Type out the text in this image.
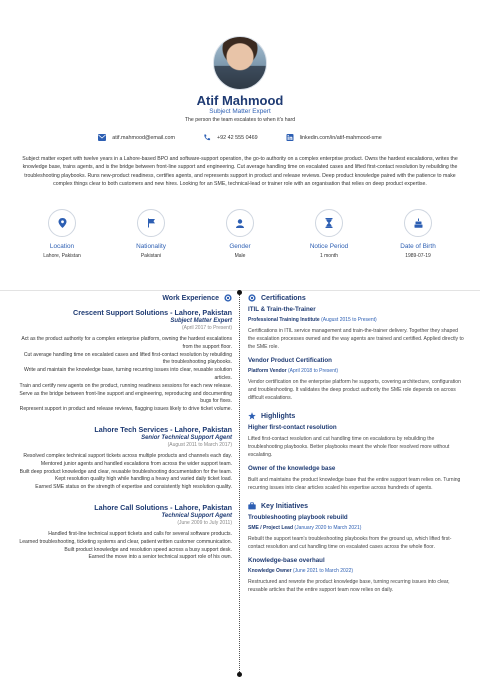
Atif Mahmood
Subject Matter Expert
The person the team escalates to when it's hard
atif.mahmood@email.com	+92 42 555 0469	linkedin.com/in/atif-mahmood-sme

Subject matter expert with twelve years in a Lahore-based BPO and software-support operation, the go-to authority on a complex enterprise product. Owns the hardest escalations, writes the knowledge base, trains agents, and is the bridge between front-line support and engineering. Cut average handling time on escalated cases and lifted first-contact resolution by rebuilding the troubleshooting playbooks. Runs new-product readiness, certifies agents, and represents support in product and release reviews. Deep product knowledge paired with the patience to make complex things clear to both customers and new hires. Looking for an SME, technical-lead or trainer role with an organisation that relies on deep product expertise.

Location
Lahore, Pakistan
Nationality
Pakistani
Gender
Male
Notice Period
1 month
Date of Birth
1989-07-19
Work Experience
Crescent Support Solutions - Lahore, Pakistan
Subject Matter Expert
(April 2017 to Present)

Act as the product authority for a complex enterprise platform, owning the hardest escalations from the support floor.

Cut average handling time on escalated cases and lifted first-contact resolution by rebuilding the troubleshooting playbooks.

Write and maintain the knowledge base, turning recurring issues into clear, reusable solution articles.

Train and certify new agents on the product, running readiness sessions for each new release.

Serve as the bridge between front-line support and engineering, reproducing and documenting bugs for fixes.

Represent support in product and release reviews, flagging issues likely to drive ticket volume.

Lahore Tech Services - Lahore, Pakistan
Senior Technical Support Agent
(August 2011 to March 2017)

Resolved complex technical support tickets across multiple products and channels each day.

Mentored junior agents and handled escalations from across the wider support team.

Built deep product knowledge and clear, reusable troubleshooting documentation for the team.

Kept resolution quality high while handling a heavy and varied daily ticket load.

Earned SME status on the strength of expertise and consistently high resolution quality.

Lahore Call Solutions - Lahore, Pakistan
Technical Support Agent
(June 2009 to July 2011)

Handled first-line technical support tickets and calls for several software products.

Learned troubleshooting, ticketing systems and clear, patient written customer communication.

Built product knowledge and resolution speed across a busy support desk.

Earned the move into a senior technical support role of his own.

Certifications
ITIL & Train-the-Trainer
Professional Training Institute (August 2015 to Present)
Certifications in ITIL service management and train-the-trainer delivery. Together they shaped the escalation processes owned and the way agents are trained and certified. Applied directly to the SME role.
Vendor Product Certification
Platform Vendor (April 2018 to Present)
Vendor certification on the enterprise platform he supports, covering architecture, configuration and troubleshooting. It validates the deep product authority the SME role depends on across difficult escalations.
Highlights
Higher first-contact resolution
Lifted first-contact resolution and cut handling time on escalations by rebuilding the troubleshooting playbooks. Better playbooks meant the whole floor resolved more without escalating.
Owner of the knowledge base
Built and maintains the product knowledge base that the entire support team relies on. Turning recurring issues into clear articles scaled his expertise across hundreds of agents.
Key Initiatives
Troubleshooting playbook rebuild
SME / Project Lead (January 2020 to March 2021)
Rebuilt the support team's troubleshooting playbooks from the ground up, which lifted first-contact resolution and cut handling time on escalated cases across the whole floor.
Knowledge-base overhaul
Knowledge Owner (June 2021 to March 2022)
Restructured and rewrote the product knowledge base, turning recurring issues into clear, reusable articles that the entire support team now relies on daily.
